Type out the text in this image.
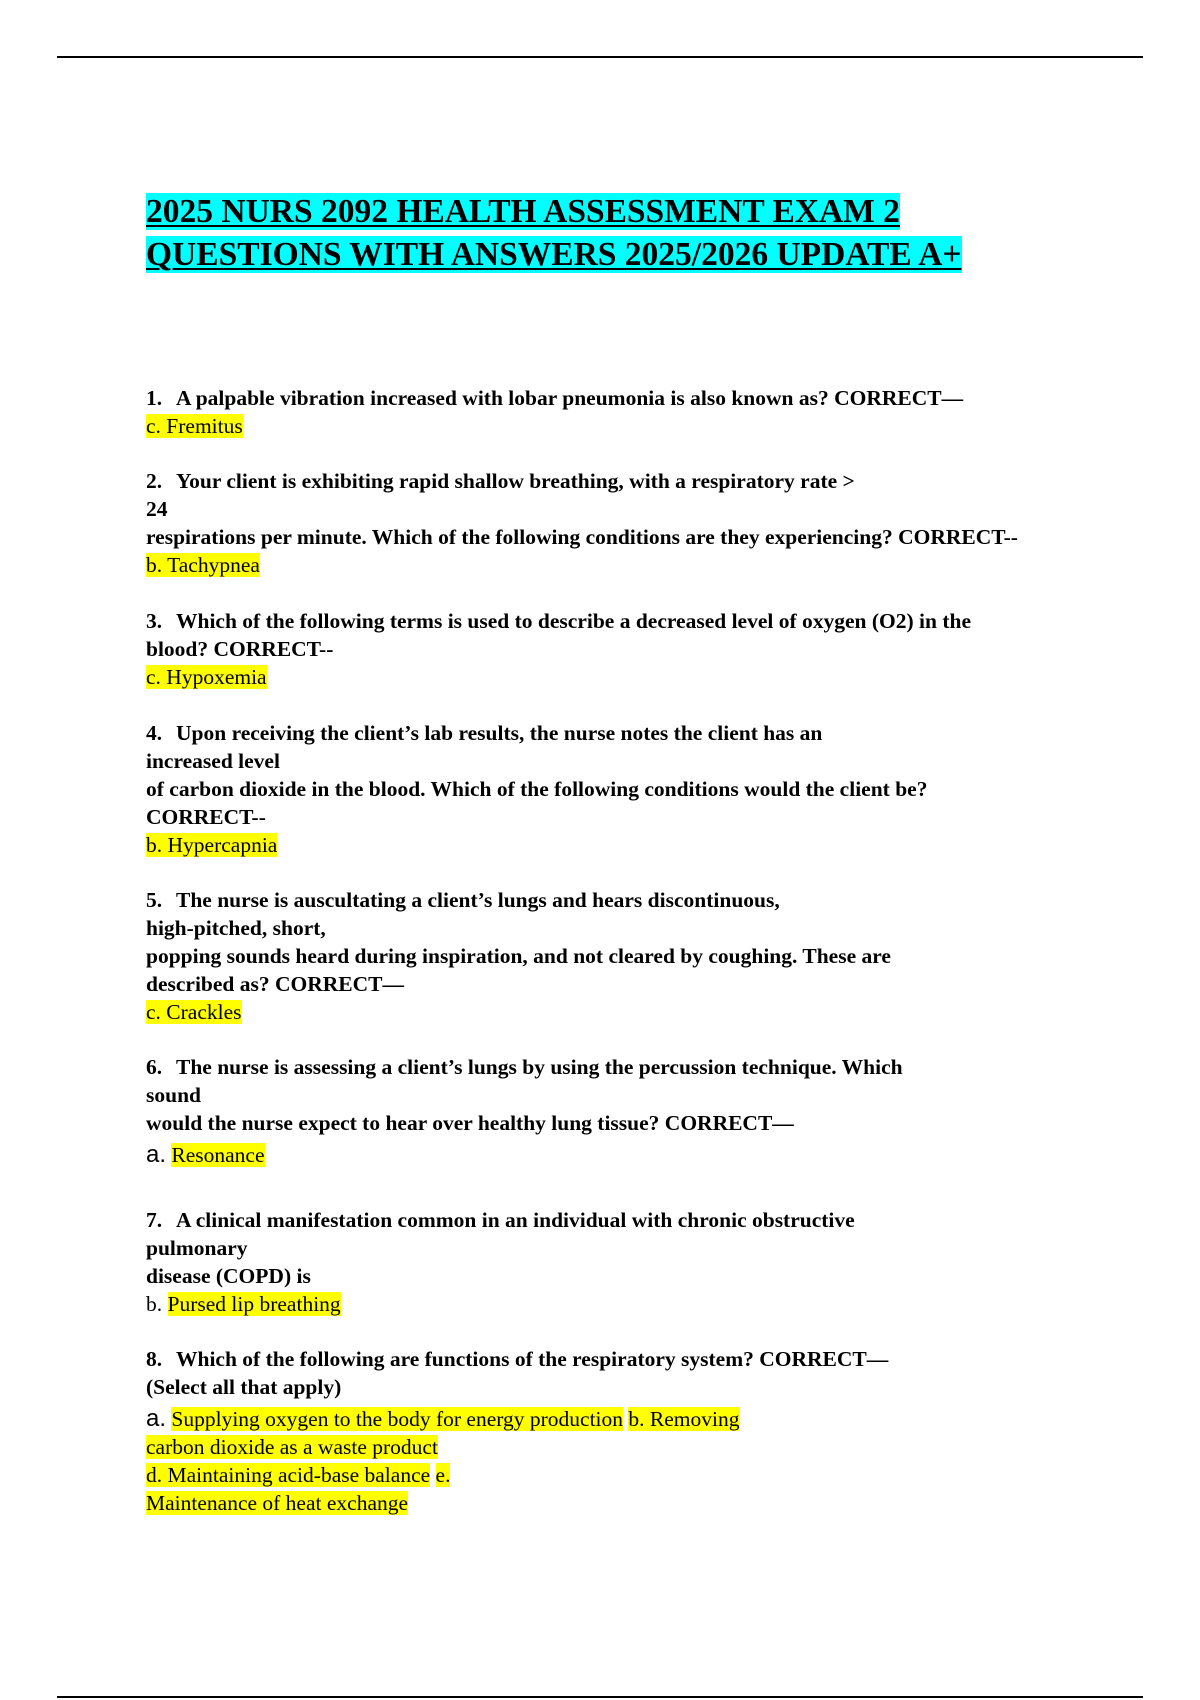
2025 NURS 2092 HEALTH ASSESSMENT EXAM 2
QUESTIONS WITH ANSWERS 2025/2026 UPDATE A+
1. A palpable vibration increased with lobar pneumonia is also known as? CORRECT—
c. Fremitus
2. Your client is exhibiting rapid shallow breathing, with a respiratory rate >
24
respirations per minute. Which of the following conditions are they experiencing? CORRECT--
b. Tachypnea
3. Which of the following terms is used to describe a decreased level of oxygen (O2) in the
blood? CORRECT--
c. Hypoxemia
4. Upon receiving the client’s lab results, the nurse notes the client has an
increased level
of carbon dioxide in the blood. Which of the following conditions would the client be?
CORRECT--
b. Hypercapnia
5. The nurse is auscultating a client’s lungs and hears discontinuous,
high-pitched, short,
popping sounds heard during inspiration, and not cleared by coughing. These are
described as? CORRECT—
c. Crackles
6. The nurse is assessing a client’s lungs by using the percussion technique. Which
sound
would the nurse expect to hear over healthy lung tissue? CORRECT—
a. Resonance
7. A clinical manifestation common in an individual with chronic obstructive
pulmonary
disease (COPD) is
b. Pursed lip breathing
8. Which of the following are functions of the respiratory system? CORRECT—
(Select all that apply)
a. Supplying oxygen to the body for energy production b. Removing
carbon dioxide as a waste product
d. Maintaining acid-base balance e.
Maintenance of heat exchange
